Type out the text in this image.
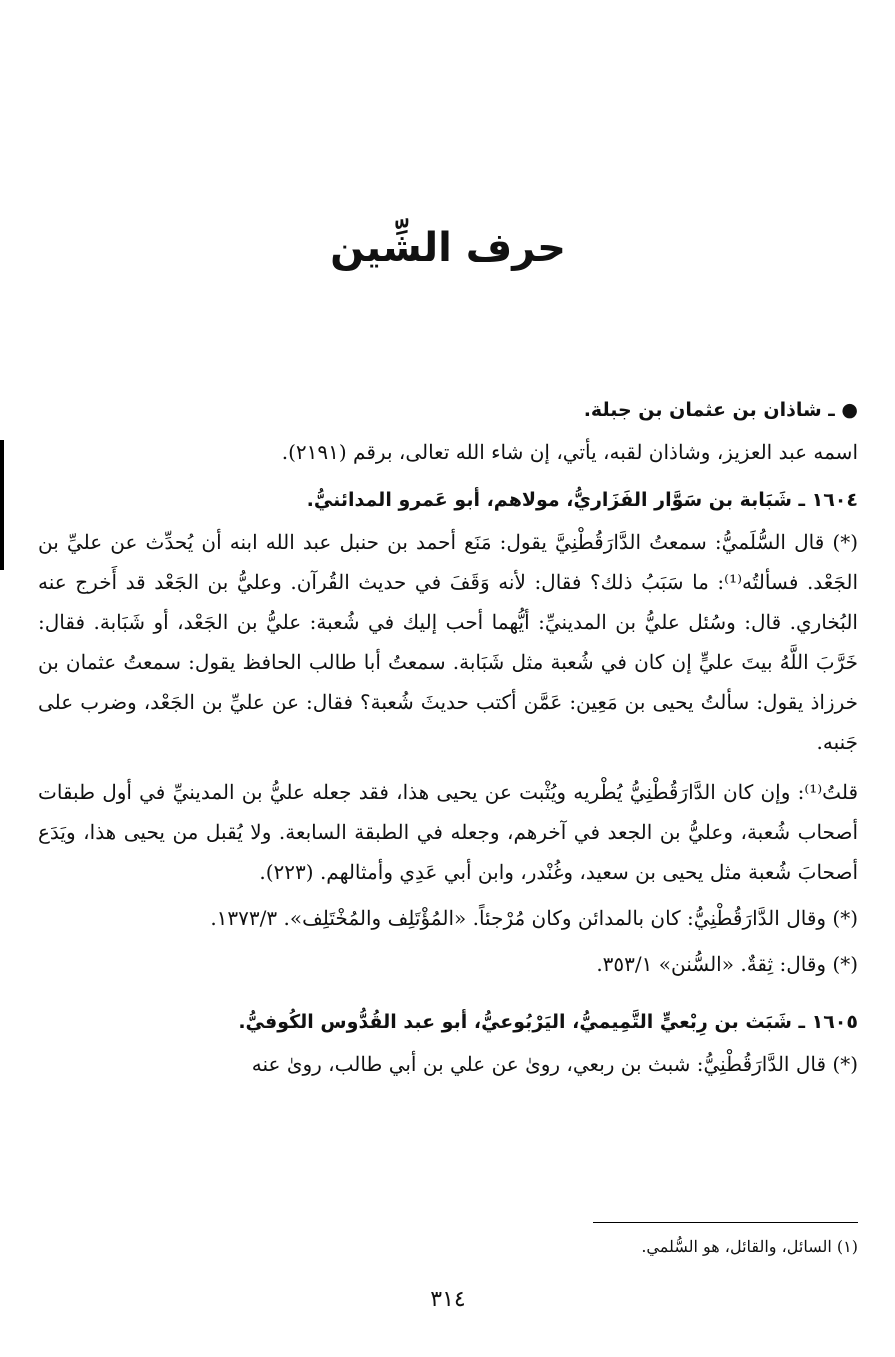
حرف الشِّين

● ـ شاذان بن عثمان بن جبلة.

اسمه عبد العزيز، وشاذان لقبه، يأتي، إن شاء الله تعالى، برقم (٢١٩١).

١٦٠٤ ـ شَبَابة بن سَوَّار الفَزَاريُّ، مولاهم، أبو عَمرو المدائنيُّ.

(*) قال السُّلَميُّ: سمعتُ الدَّارَقُطْنِيَّ يقول: مَنَع أحمد بن حنبل عبد الله ابنه أن يُحدِّث عن عليِّ بن الجَعْد. فسألتُه⁽¹⁾: ما سَبَبُ ذلك؟ فقال: لأنه وَقَفَ في حديث القُرآن. وعليُّ بن الجَعْد قد أَخرج عنه البُخاري. قال: وسُئل عليُّ بن المدينيِّ: أيُّهما أحب إليك في شُعبة: عليُّ بن الجَعْد، أو شَبَابة. فقال: خَرَّبَ اللَّهُ بيتَ عليٍّ إن كان في شُعبة مثل شَبَابة. سمعتُ أبا طالب الحافظ يقول: سمعتُ عثمان بن خرزاذ يقول: سألتُ يحيى بن مَعِين: عَمَّن أكتب حديثَ شُعبة؟ فقال: عن عليِّ بن الجَعْد، وضرب على جَنبه.

قلتُ⁽¹⁾: وإن كان الدَّارَقُطْنِيُّ يُطْريه ويُثْبت عن يحيى هذا، فقد جعله عليُّ بن المدينيِّ في أول طبقات أصحاب شُعبة، وعليُّ بن الجعد في آخرهم، وجعله في الطبقة السابعة. ولا يُقبل من يحيى هذا، ويَدَع أصحابَ شُعبة مثل يحيى بن سعيد، وغُنْدر، وابن أبي عَدِي وأمثالهم. (٢٢٣).

(*) وقال الدَّارَقُطْنِيُّ: كان بالمدائن وكان مُرْجئاً. «المُؤْتَلِف والمُخْتَلِف». ١٣٧٣/٣.

(*) وقال: ثِقةٌ. «السُّنن» ٣٥٣/١.

١٦٠٥ ـ شَبَث بن رِبْعيٍّ التَّمِيميُّ، اليَرْبُوعيُّ، أبو عبد القُدُّوس الكُوفيُّ.

(*) قال الدَّارَقُطْنِيُّ: شبث بن ربعي، روىٰ عن علي بن أبي طالب، روىٰ عنه

(١) السائل، والقائل، هو السُّلمي.
٣١٤
